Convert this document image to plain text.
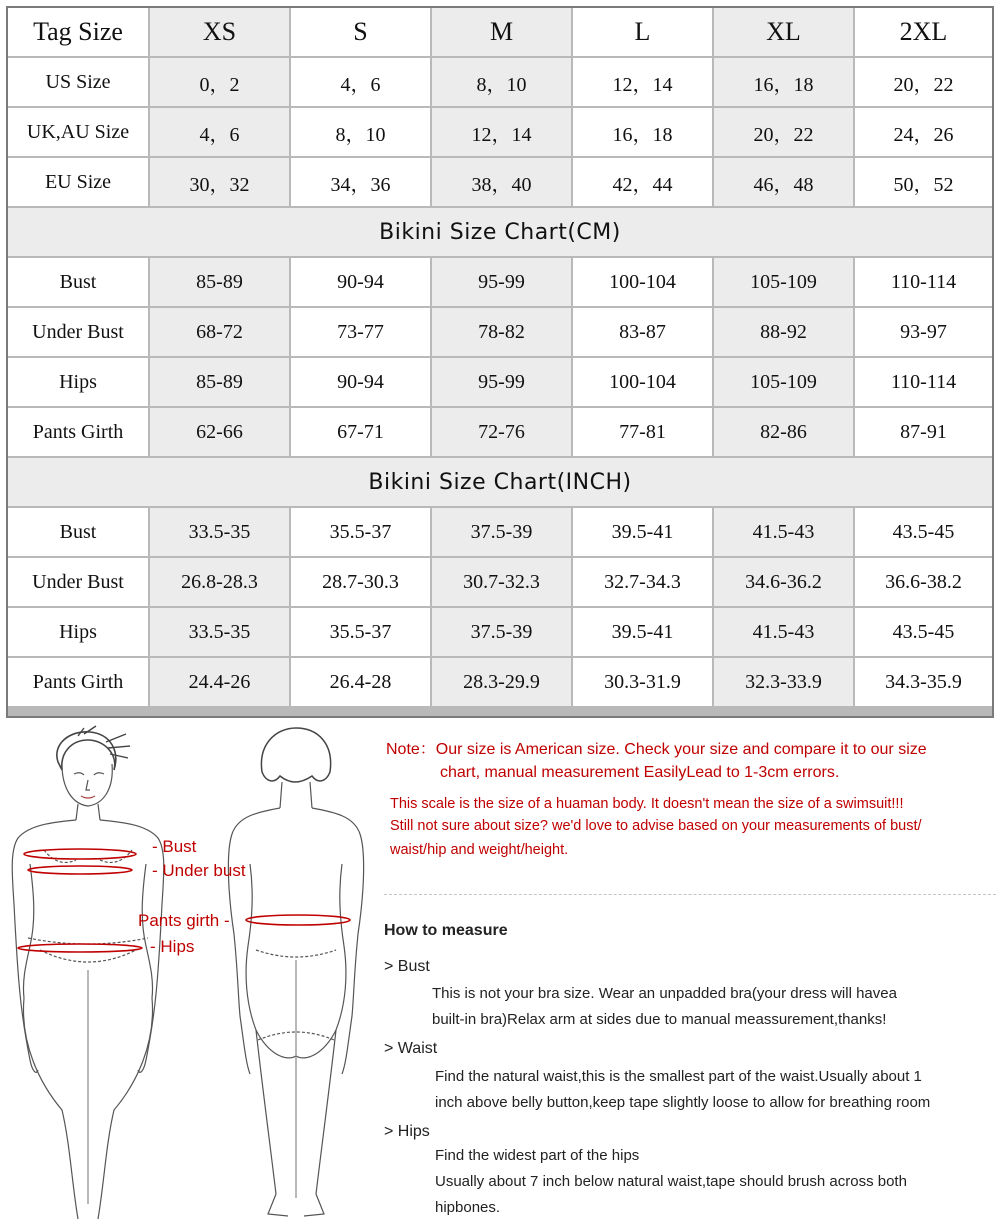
Tag Size	XS	S	M	L	XL	2XL
US Size	0，2	4，6	8，10	12，14	16，18	20，22
UK,AU Size	4，6	8，10	12，14	16，18	20，22	24，26
EU Size	30，32	34，36	38，40	42，44	46，48	50，52
Bikini Size Chart(CM)
Bust	85-89	90-94	95-99	100-104	105-109	110-114
Under Bust	68-72	73-77	78-82	83-87	88-92	93-97
Hips	85-89	90-94	95-99	100-104	105-109	110-114
Pants Girth	62-66	67-71	72-76	77-81	82-86	87-91
Bikini Size Chart(INCH)
Bust	33.5-35	35.5-37	37.5-39	39.5-41	41.5-43	43.5-45
Under Bust	26.8-28.3	28.7-30.3	30.7-32.3	32.7-34.3	34.6-36.2	36.6-38.2
Hips	33.5-35	35.5-37	37.5-39	39.5-41	41.5-43	43.5-45
Pants Girth	24.4-26	26.4-28	28.3-29.9	30.3-31.9	32.3-33.9	34.3-35.9
- Bust
- Under bust
Pants girth -
- Hips
Note：Our size is American size. Check your size and compare it to our size
chart, manual measurement EasilyLead to 1-3cm errors.
This scale is the size of a huaman body. It doesn't mean the size of a swimsuit!!!
Still not sure about size? we'd love to advise based on your measurements of bust/
waist/hip and weight/height.
How to measure
> Bust
This is not your bra size. Wear an unpadded bra(your dress will havea
built-in bra)Relax arm at sides due to manual meassurement,thanks!
> Waist
Find the natural waist,this is the smallest part of the waist.Usually about 1
inch above belly button,keep tape slightly loose to allow for breathing room
> Hips
Find the widest part of the hips
Usually about 7 inch below natural waist,tape should brush across both
hipbones.
